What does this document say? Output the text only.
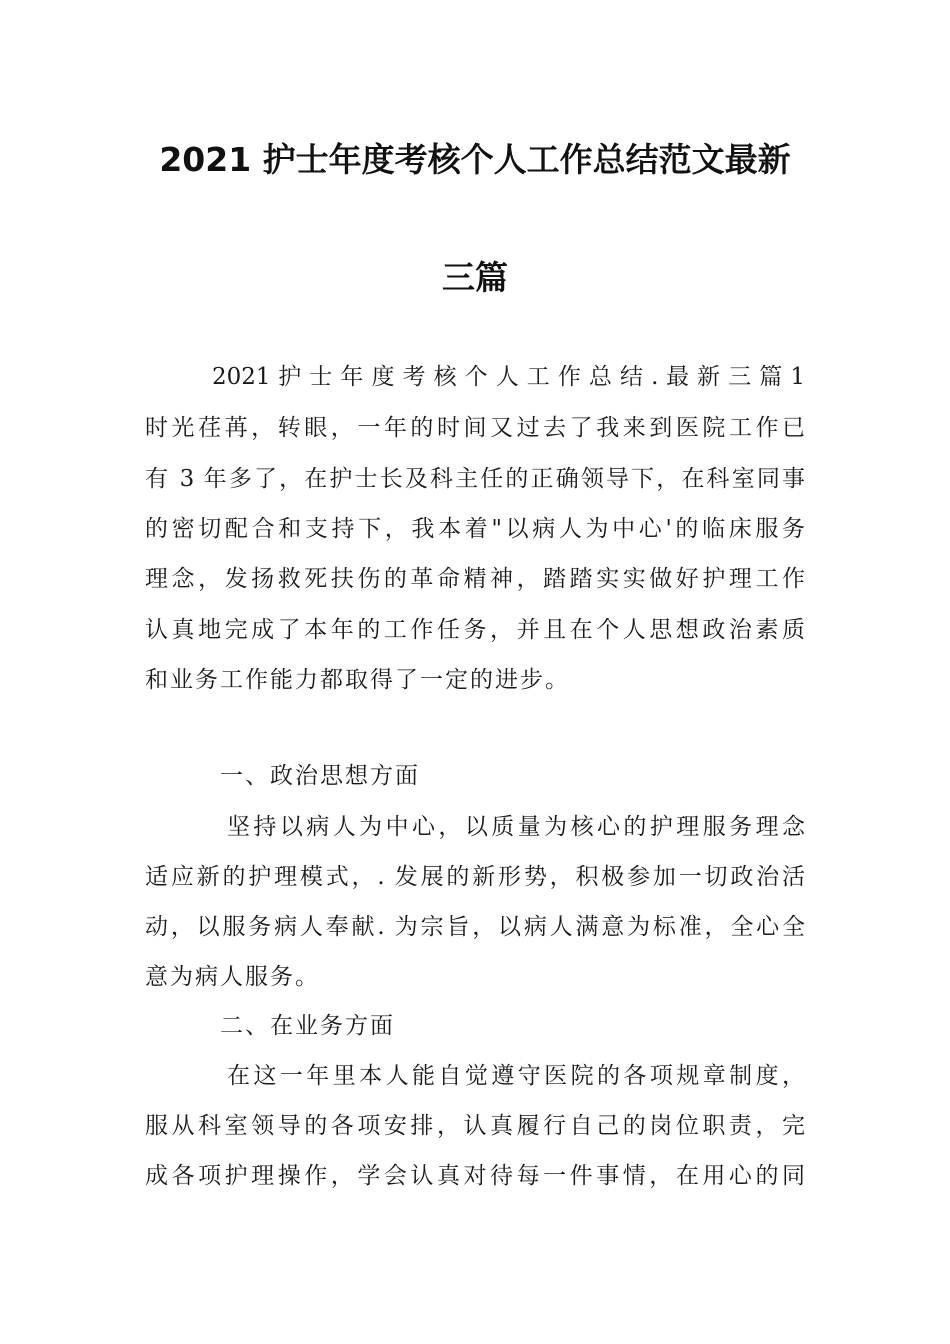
2021 护士年度考核个人工作总结范文最新
三篇
2021 护 士 年 度 考 核 个 人 工 作 总 结 . 最 新 三 篇 1
时光荏苒，转眼，一年的时间又过去了我来到医院工作已
有 3 年多了，在护士长及科主任的正确领导下，在科室同事
的密切配合和支持下，我本着"以病人为中心'的临床服务
理念，发扬救死扶伤的革命精神，踏踏实实做好护理工作
认真地完成了本年的工作任务，并且在个人思想政治素质
和业务工作能力都取得了一定的进步。
一、政治思想方面
坚持以病人为中心，以质量为核心的护理服务理念
适应新的护理模式，. 发展的新形势，积极参加一切政治活
动，以服务病人奉献. 为宗旨，以病人满意为标准，全心全
意为病人服务。
二、在业务方面
在这一年里本人能自觉遵守医院的各项规章制度，
服从科室领导的各项安排，认真履行自己的岗位职责，完
成各项护理操作，学会认真对待每一件事情，在用心的同
